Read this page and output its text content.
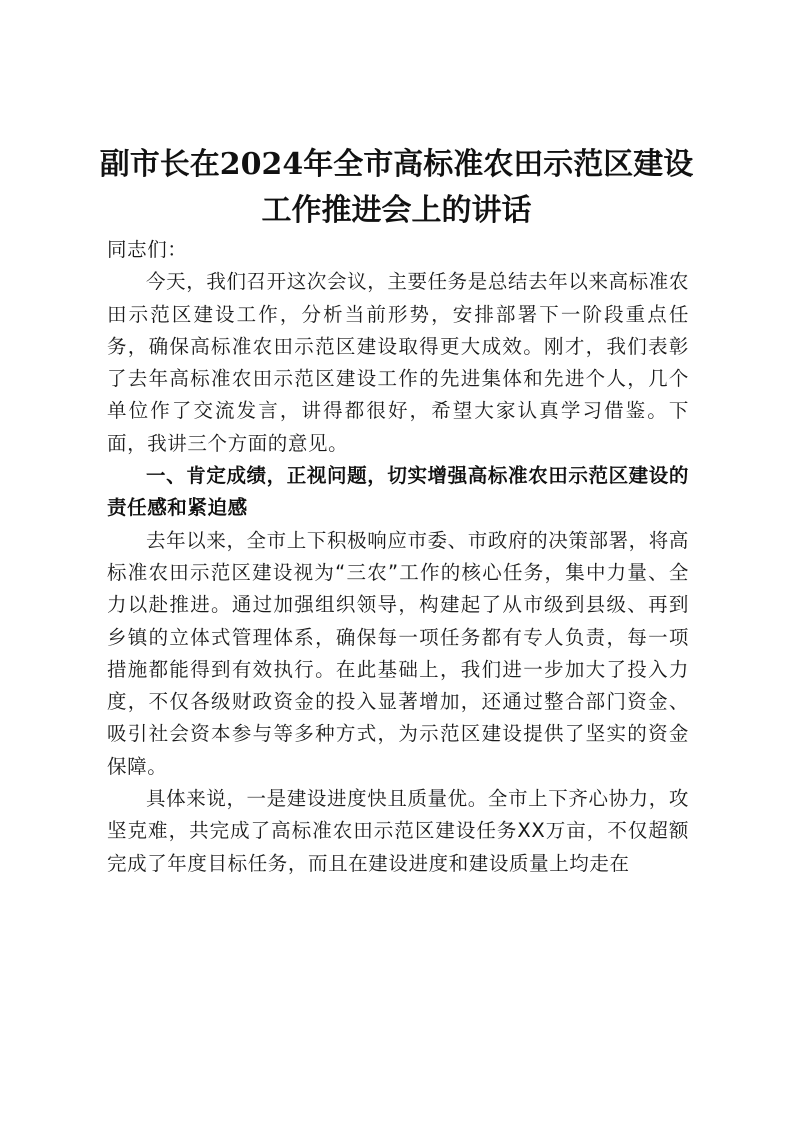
副市长在2024年全市高标准农田示范区建设
工作推进会上的讲话

同志们：

今天，我们召开这次会议，主要任务是总结去年以来高标准农田示范区建设工作，分析当前形势，安排部署下一阶段重点任务，确保高标准农田示范区建设取得更大成效。刚才，我们表彰了去年高标准农田示范区建设工作的先进集体和先进个人，几个单位作了交流发言，讲得都很好，希望大家认真学习借鉴。下面，我讲三个方面的意见。

一、肯定成绩，正视问题，切实增强高标准农田示范区建设的责任感和紧迫感

去年以来，全市上下积极响应市委、市政府的决策部署，将高标准农田示范区建设视为“三农”工作的核心任务，集中力量、全力以赴推进。通过加强组织领导，构建起了从市级到县级、再到乡镇的立体式管理体系，确保每一项任务都有专人负责，每一项措施都能得到有效执行。在此基础上，我们进一步加大了投入力度，不仅各级财政资金的投入显著增加，还通过整合部门资金、吸引社会资本参与等多种方式，为示范区建设提供了坚实的资金保障。

具体来说，一是建设进度快且质量优。全市上下齐心协力，攻坚克难，共完成了高标准农田示范区建设任务XX万亩，不仅超额完成了年度目标任务，而且在建设进度和建设质量上均走在
